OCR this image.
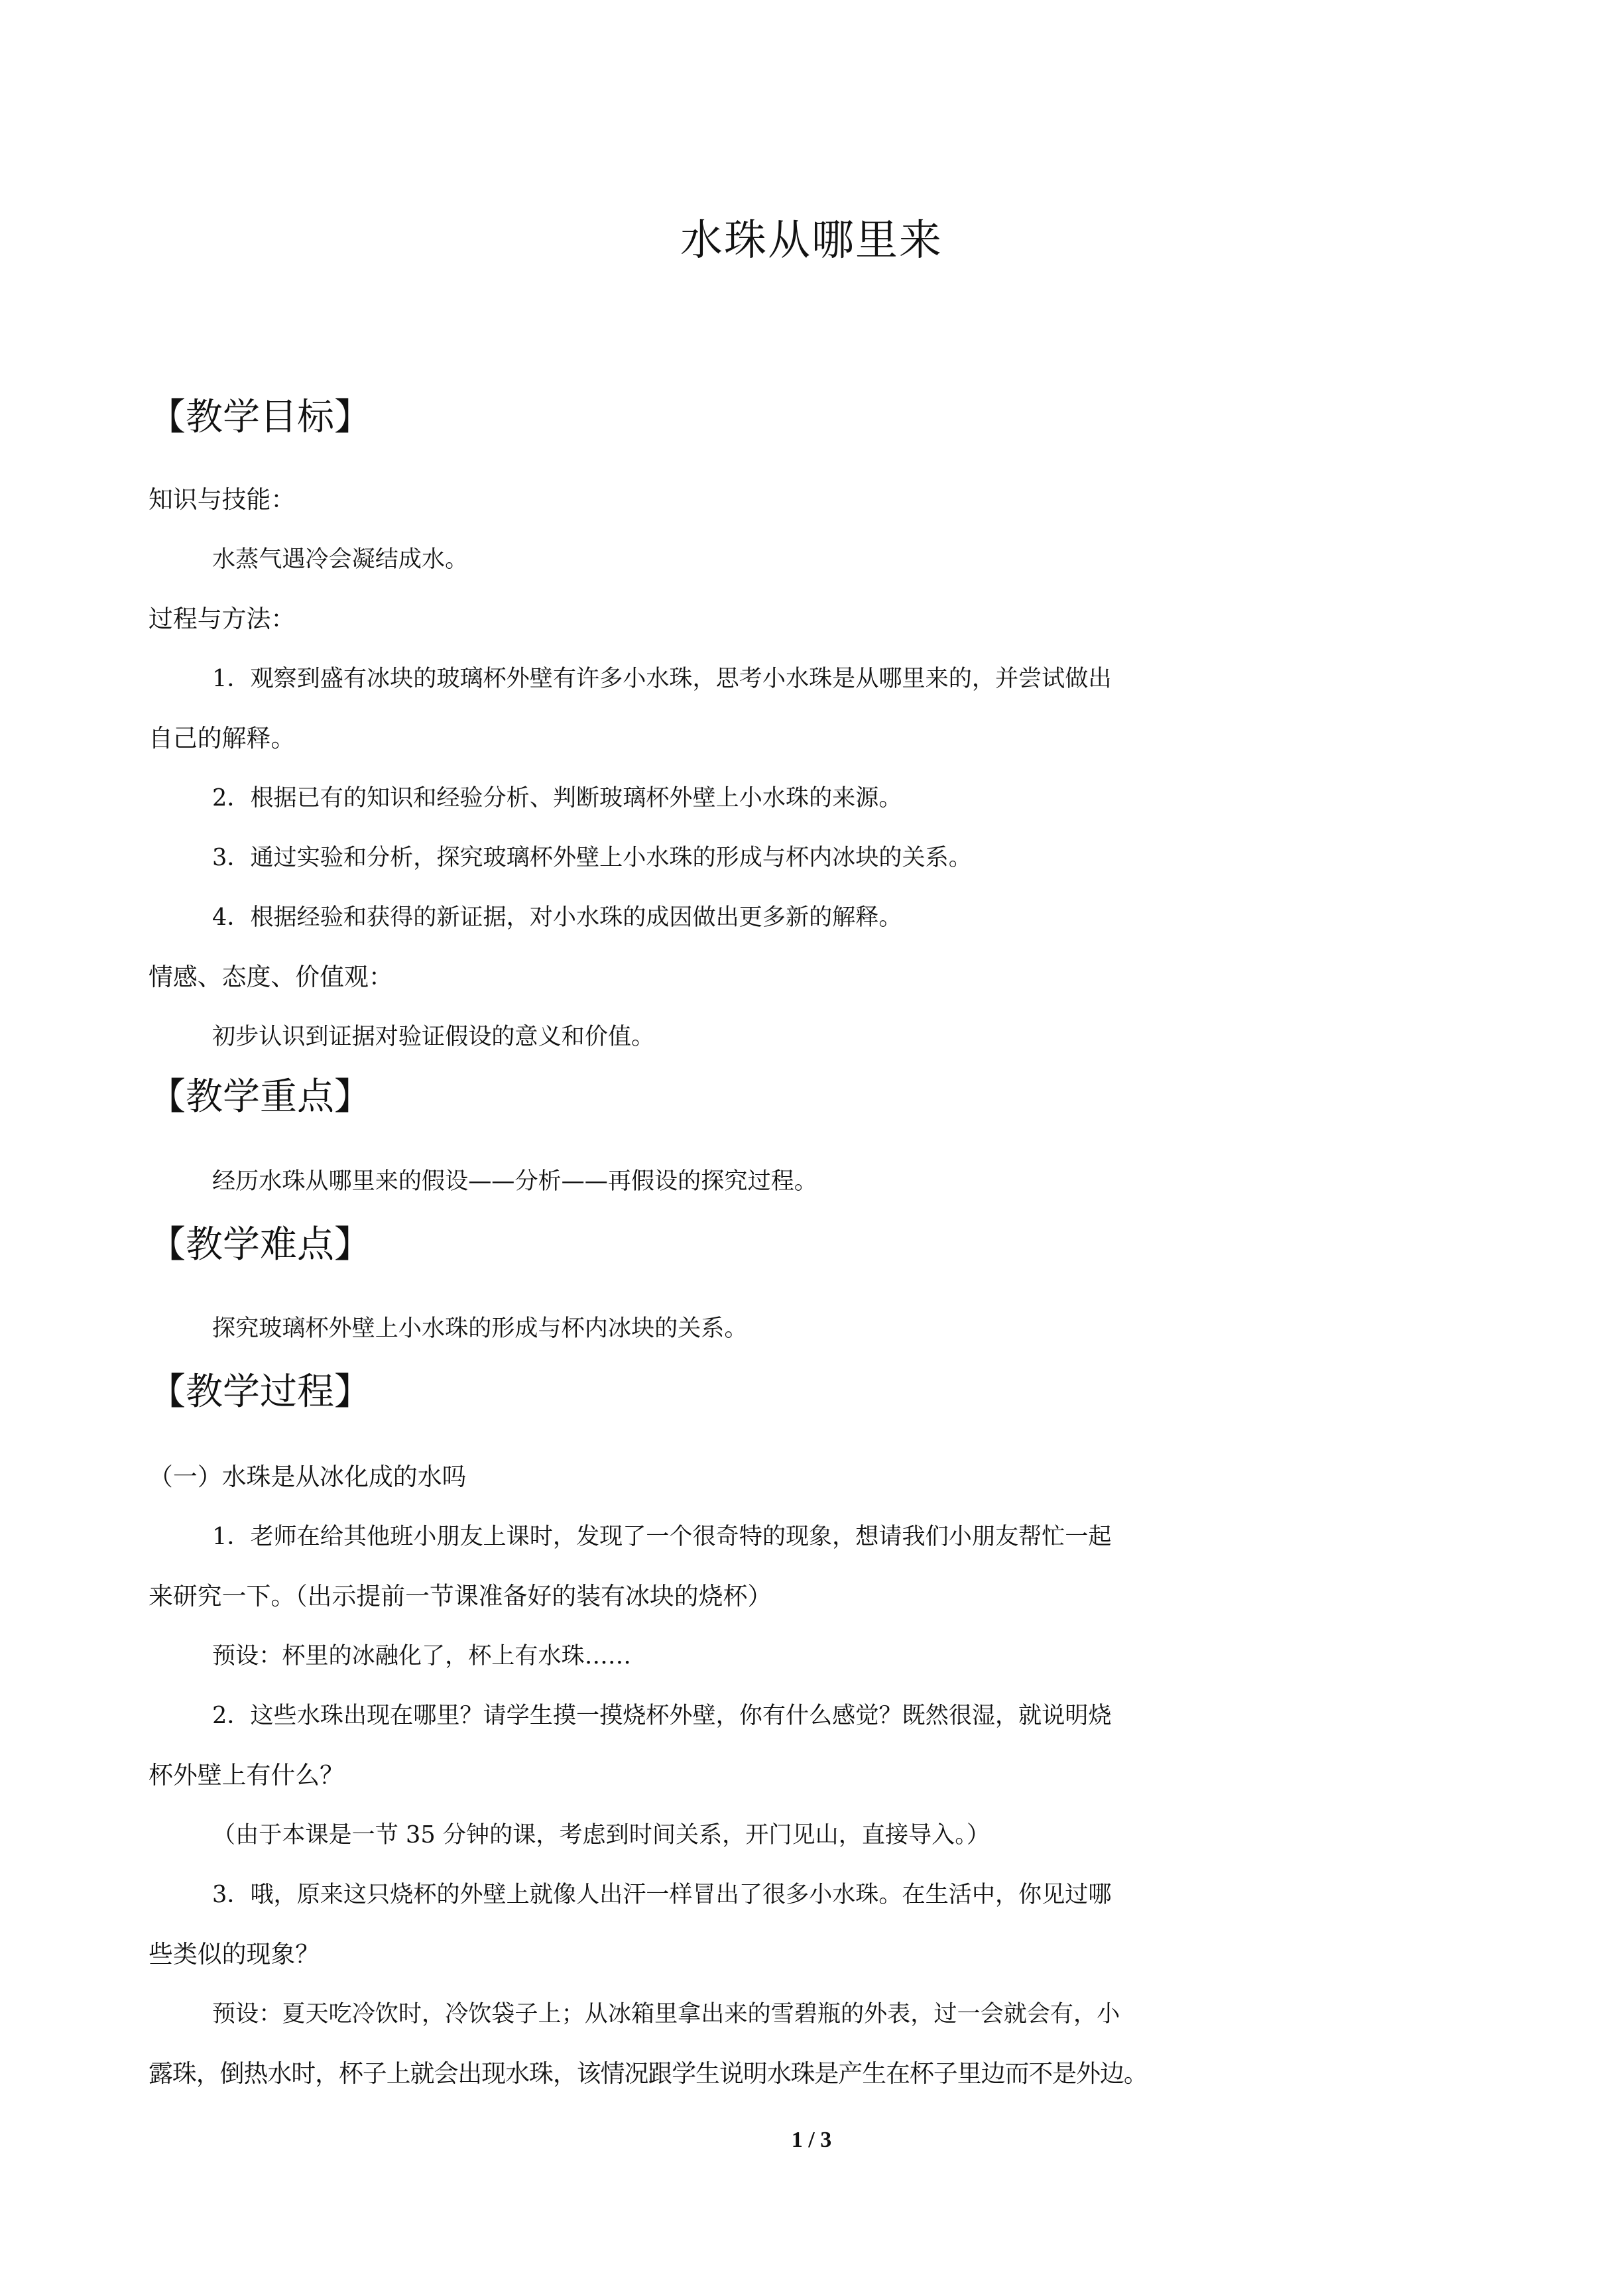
水珠从哪里来
【教学目标】
知识与技能：
水蒸气遇冷会凝结成水。
过程与方法：
1．观察到盛有冰块的玻璃杯外壁有许多小水珠，思考小水珠是从哪里来的，并尝试做出
自己的解释。
2．根据已有的知识和经验分析、判断玻璃杯外壁上小水珠的来源。
3．通过实验和分析，探究玻璃杯外壁上小水珠的形成与杯内冰块的关系。
4．根据经验和获得的新证据，对小水珠的成因做出更多新的解释。
情感、态度、价值观：
初步认识到证据对验证假设的意义和价值。
【教学重点】
经历水珠从哪里来的假设——分析——再假设的探究过程。
【教学难点】
探究玻璃杯外壁上小水珠的形成与杯内冰块的关系。
【教学过程】
（一）水珠是从冰化成的水吗
1．老师在给其他班小朋友上课时，发现了一个很奇特的现象，想请我们小朋友帮忙一起
来研究一下。（出示提前一节课准备好的装有冰块的烧杯）
预设：杯里的冰融化了，杯上有水珠……
2．这些水珠出现在哪里？请学生摸一摸烧杯外壁，你有什么感觉？既然很湿，就说明烧
杯外壁上有什么？
（由于本课是一节 35 分钟的课，考虑到时间关系，开门见山，直接导入。）
3．哦，原来这只烧杯的外壁上就像人出汗一样冒出了很多小水珠。在生活中，你见过哪
些类似的现象？
预设：夏天吃冷饮时，冷饮袋子上；从冰箱里拿出来的雪碧瓶的外表，过一会就会有，小
露珠，倒热水时，杯子上就会出现水珠，该情况跟学生说明水珠是产生在杯子里边而不是外边。
1 / 3
